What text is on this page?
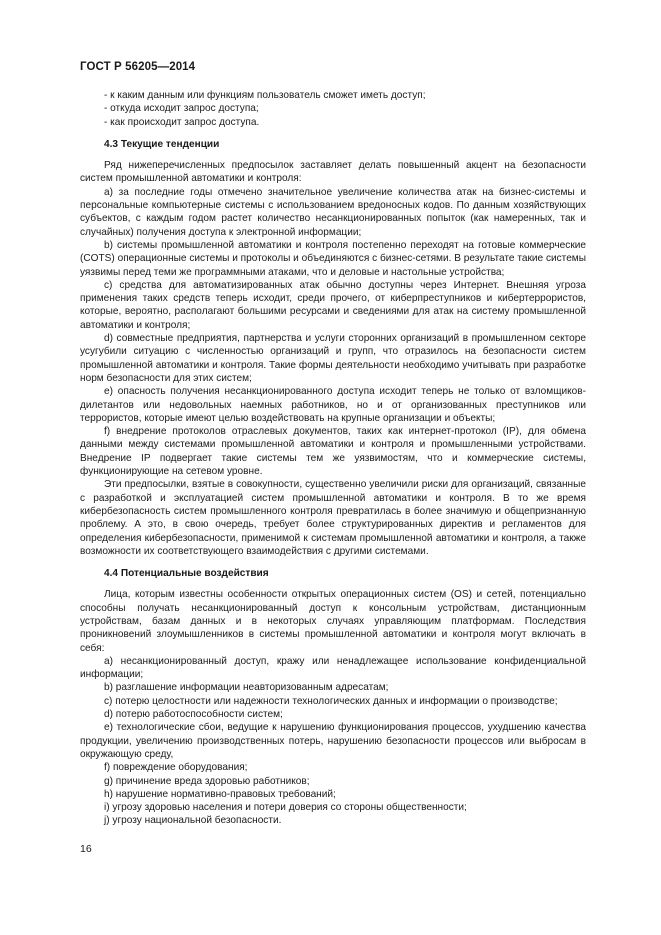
ГОСТ Р 56205—2014

- к каким данным или функциям пользователь сможет иметь доступ;

- откуда исходит запрос доступа;

- как происходит запрос доступа.

4.3 Текущие тенденции

Ряд нижеперечисленных предпосылок заставляет делать повышенный акцент на безопасности систем промышленной автоматики и контроля:

a) за последние годы отмечено значительное увеличение количества атак на бизнес-системы и персональные компьютерные системы с использованием вредоносных кодов. По данным хозяйствующих субъектов, с каждым годом растет количество несанкционированных попыток (как намеренных, так и случайных) получения доступа к электронной информации;

b) системы промышленной автоматики и контроля постепенно переходят на готовые коммерческие (COTS) операционные системы и протоколы и объединяются с бизнес-сетями. В результате такие системы уязвимы перед теми же программными атаками, что и деловые и настольные устройства;

c) средства для автоматизированных атак обычно доступны через Интернет. Внешняя угроза применения таких средств теперь исходит, среди прочего, от киберпреступников и кибертеррористов, которые, вероятно, располагают большими ресурсами и сведениями для атак на систему промышленной автоматики и контроля;

d) совместные предприятия, партнерства и услуги сторонних организаций в промышленном секторе усугубили ситуацию с численностью организаций и групп, что отразилось на безопасности систем промышленной автоматики и контроля. Такие формы деятельности необходимо учитывать при разработке норм безопасности для этих систем;

e) опасность получения несанкционированного доступа исходит теперь не только от взломщиков-дилетантов или недовольных наемных работников, но и от организованных преступников или террористов, которые имеют целью воздействовать на крупные организации и объекты;

f) внедрение протоколов отраслевых документов, таких как интернет-протокол (IP), для обмена данными между системами промышленной автоматики и контроля и промышленными устройствами. Внедрение IP подвергает такие системы тем же уязвимостям, что и коммерческие системы, функционирующие на сетевом уровне.

Эти предпосылки, взятые в совокупности, существенно увеличили риски для организаций, связанные с разработкой и эксплуатацией систем промышленной автоматики и контроля. В то же время кибербезопасность систем промышленного контроля превратилась в более значимую и общепризнанную проблему. А это, в свою очередь, требует более структурированных директив и регламентов для определения кибербезопасности, применимой к системам промышленной автоматики и контроля, а также возможности их соответствующего взаимодействия с другими системами.

4.4 Потенциальные воздействия

Лица, которым известны особенности открытых операционных систем (OS) и сетей, потенциально способны получать несанкционированный доступ к консольным устройствам, дистанционным устройствам, базам данных и в некоторых случаях управляющим платформам. Последствия проникновений злоумышленников в системы промышленной автоматики и контроля могут включать в себя:

a) несанкционированный доступ, кражу или ненадлежащее использование конфиденциальной информации;

b) разглашение информации неавторизованным адресатам;

c) потерю целостности или надежности технологических данных и информации о производстве;

d) потерю работоспособности систем;

e) технологические сбои, ведущие к нарушению функционирования процессов, ухудшению качества продукции, увеличению производственных потерь, нарушению безопасности процессов или выбросам в окружающую среду,

f) повреждение оборудования;

g) причинение вреда здоровью работников;

h) нарушение нормативно-правовых требований;

i) угрозу здоровью населения и потери доверия со стороны общественности;

j) угрозу национальной безопасности.

16
